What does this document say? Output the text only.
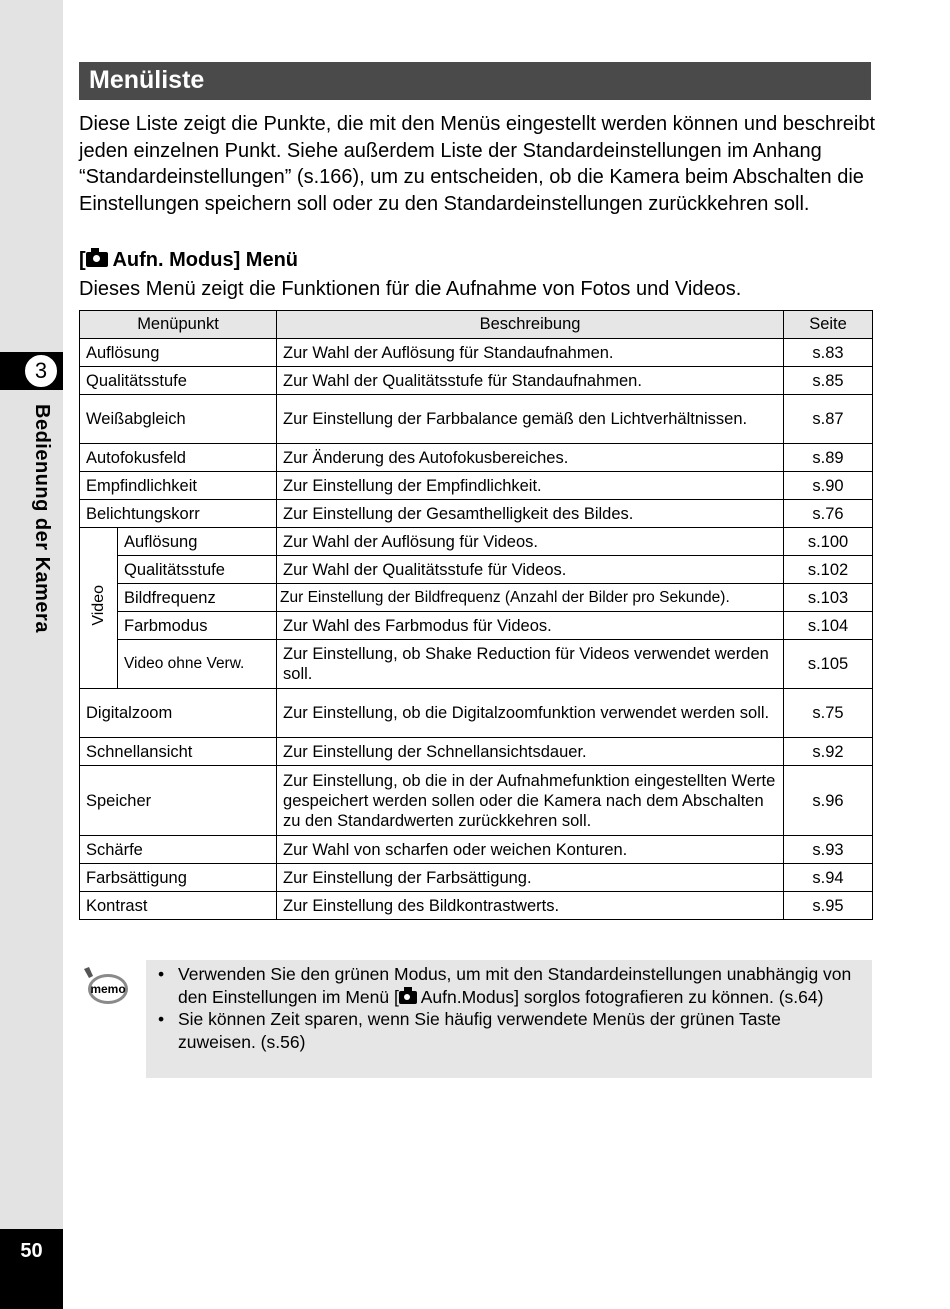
3
Bedienung der Kamera
50
Menüliste
Diese Liste zeigt die Punkte, die mit den Menüs eingestellt werden können und beschreibt jeden einzelnen Punkt. Siehe außerdem Liste der Standardeinstellungen im Anhang “Standardeinstellungen” (s.166), um zu entscheiden, ob die Kamera beim Abschalten die Einstellungen speichern soll oder zu den Standardeinstellungen zurückkehren soll.
[ Aufn. Modus] Menü
Dieses Menü zeigt die Funktionen für die Aufnahme von Fotos und Videos.
Menüpunkt		Beschreibung	Seite
Auflösung		Zur Wahl der Auflösung für Standaufnahmen.	s.83
Qualitätsstufe		Zur Wahl der Qualitätsstufe für Standaufnahmen.	s.85
Weißabgleich		Zur Einstellung der Farbbalance gemäß den Lichtverhältnissen.	s.87
Autofokusfeld		Zur Änderung des Autofokusbereiches.	s.89
Empfindlichkeit		Zur Einstellung der Empfindlichkeit.	s.90
Belichtungskorr		Zur Einstellung der Gesamthelligkeit des Bildes.	s.76
Video	Auflösung	Zur Wahl der Auflösung für Videos.	s.100
	Qualitätsstufe	Zur Wahl der Qualitätsstufe für Videos.	s.102
	Bildfrequenz	Zur Einstellung der Bildfrequenz (Anzahl der Bilder pro Sekunde).	s.103
	Farbmodus	Zur Wahl des Farbmodus für Videos.	s.104
	Video ohne Verw.	Zur Einstellung, ob Shake Reduction für Videos verwendet werden soll.	s.105
Digitalzoom		Zur Einstellung, ob die Digitalzoomfunktion verwendet werden soll.	s.75
Schnellansicht		Zur Einstellung der Schnellansichtsdauer.	s.92
Speicher		Zur Einstellung, ob die in der Aufnahmefunktion eingestellten Werte gespeichert werden sollen oder die Kamera nach dem Abschalten zu den Standardwerten zurückkehren soll.	s.96
Schärfe		Zur Wahl von scharfen oder weichen Konturen.	s.93
Farbsättigung		Zur Einstellung der Farbsättigung.	s.94
Kontrast		Zur Einstellung des Bildkontrastwerts.	s.95
memo
• Verwenden Sie den grünen Modus, um mit den Standardeinstellungen unabhängig von den Einstellungen im Menü [ Aufn.Modus] sorglos fotografieren zu können. (s.64)
• Sie können Zeit sparen, wenn Sie häufig verwendete Menüs der grünen Taste zuweisen. (s.56)
